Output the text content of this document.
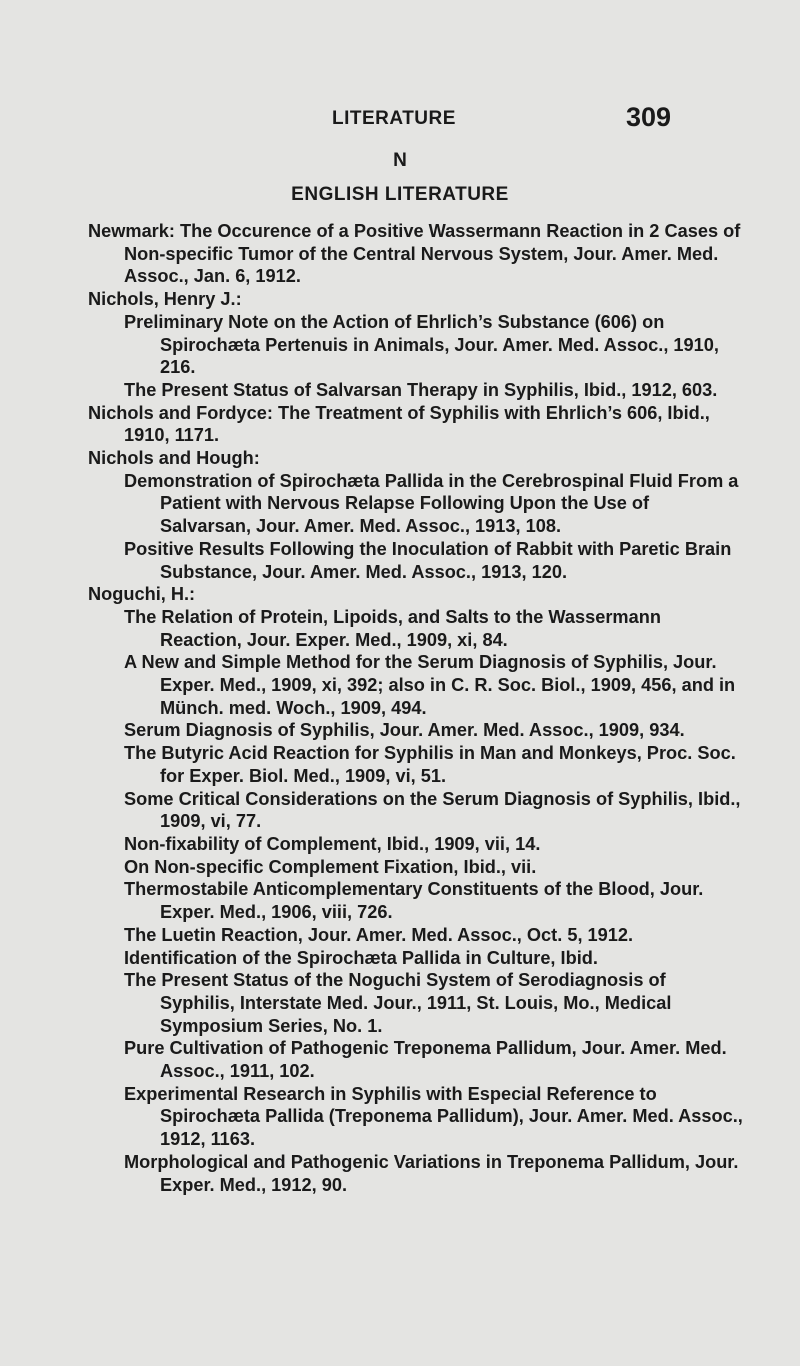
LITERATURE	309
N
ENGLISH LITERATURE

Newmark: The Occurence of a Positive Wassermann Reaction in 2 Cases of Non-specific Tumor of the Central Nervous System, Jour. Amer. Med. Assoc., Jan. 6, 1912.

Nichols, Henry J.:

Preliminary Note on the Action of Ehrlich’s Substance (606) on Spirochæta Pertenuis in Animals, Jour. Amer. Med. Assoc., 1910, 216.

The Present Status of Salvarsan Therapy in Syphilis, Ibid., 1912, 603.

Nichols and Fordyce: The Treatment of Syphilis with Ehrlich’s 606, Ibid., 1910, 1171.

Nichols and Hough:

Demonstration of Spirochæta Pallida in the Cerebrospinal Fluid From a Patient with Nervous Relapse Following Upon the Use of Salvarsan, Jour. Amer. Med. Assoc., 1913, 108.

Positive Results Following the Inoculation of Rabbit with Paretic Brain Substance, Jour. Amer. Med. Assoc., 1913, 120.

Noguchi, H.:

The Relation of Protein, Lipoids, and Salts to the Wassermann Reaction, Jour. Exper. Med., 1909, xi, 84.

A New and Simple Method for the Serum Diagnosis of Syphilis, Jour. Exper. Med., 1909, xi, 392; also in C. R. Soc. Biol., 1909, 456, and in Münch. med. Woch., 1909, 494.

Serum Diagnosis of Syphilis, Jour. Amer. Med. Assoc., 1909, 934.

The Butyric Acid Reaction for Syphilis in Man and Monkeys, Proc. Soc. for Exper. Biol. Med., 1909, vi, 51.

Some Critical Considerations on the Serum Diagnosis of Syphilis, Ibid., 1909, vi, 77.

Non-fixability of Complement, Ibid., 1909, vii, 14.

On Non-specific Complement Fixation, Ibid., vii.

Thermostabile Anticomplementary Constituents of the Blood, Jour. Exper. Med., 1906, viii, 726.

The Luetin Reaction, Jour. Amer. Med. Assoc., Oct. 5, 1912.

Identification of the Spirochæta Pallida in Culture, Ibid.

The Present Status of the Noguchi System of Serodiagnosis of Syphilis, Interstate Med. Jour., 1911, St. Louis, Mo., Medical Symposium Series, No. 1.

Pure Cultivation of Pathogenic Treponema Pallidum, Jour. Amer. Med. Assoc., 1911, 102.

Experimental Research in Syphilis with Especial Reference to Spirochæta Pallida (Treponema Pallidum), Jour. Amer. Med. Assoc., 1912, 1163.

Morphological and Pathogenic Variations in Treponema Pallidum, Jour. Exper. Med., 1912, 90.
